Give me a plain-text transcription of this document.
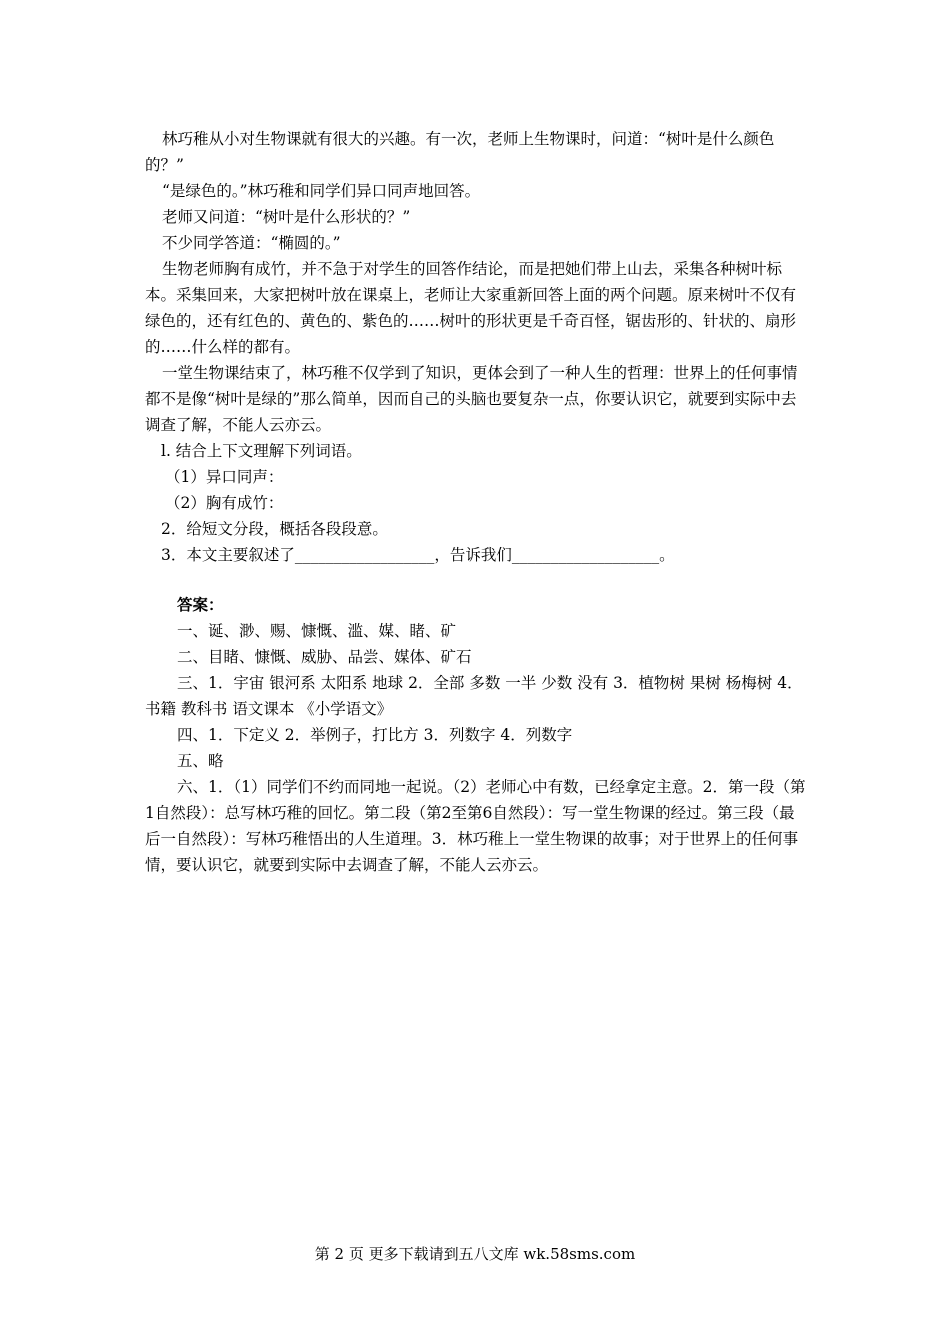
林巧稚从小对生物课就有很大的兴趣。有一次，老师上生物课时，问道：“树叶是什么颜色的？”

“是绿色的。”林巧稚和同学们异口同声地回答。

老师又问道：“树叶是什么形状的？”

不少同学答道：“椭圆的。”

生物老师胸有成竹，并不急于对学生的回答作结论，而是把她们带上山去，采集各种树叶标本。采集回来，大家把树叶放在课桌上，老师让大家重新回答上面的两个问题。原来树叶不仅有绿色的，还有红色的、黄色的、紫色的……树叶的形状更是千奇百怪，锯齿形的、针状的、扇形的……什么样的都有。

一堂生物课结束了，林巧稚不仅学到了知识，更体会到了一种人生的哲理：世界上的任何事情都不是像“树叶是绿的”那么简单，因而自己的头脑也要复杂一点，你要认识它，就要到实际中去调查了解，不能人云亦云。

l. 结合上下文理解下列词语。

（1）异口同声：

（2）胸有成竹：

2．给短文分段，概括各段段意。

3．本文主要叙述了__________________，告诉我们___________________。

答案：

一、诞、渺、赐、慷慨、滥、媒、睹、矿

二、目睹、慷慨、威胁、品尝、媒体、矿石

三、1．宇宙 银河系 太阳系 地球 2．全部 多数 一半 少数 没有 3．植物树 果树 杨梅树 4．书籍 教科书 语文课本 《小学语文》

四、1．下定义 2．举例子，打比方 3．列数字 4．列数字

五、略

六、1．（1）同学们不约而同地一起说。（2）老师心中有数，已经拿定主意。2．第一段（第1自然段）：总写林巧稚的回忆。第二段（第2至第6自然段）：写一堂生物课的经过。第三段（最后一自然段）：写林巧稚悟出的人生道理。3．林巧稚上一堂生物课的故事；对于世界上的任何事情，要认识它，就要到实际中去调查了解，不能人云亦云。

第 2 页 更多下载请到五八文库 wk.58sms.com
